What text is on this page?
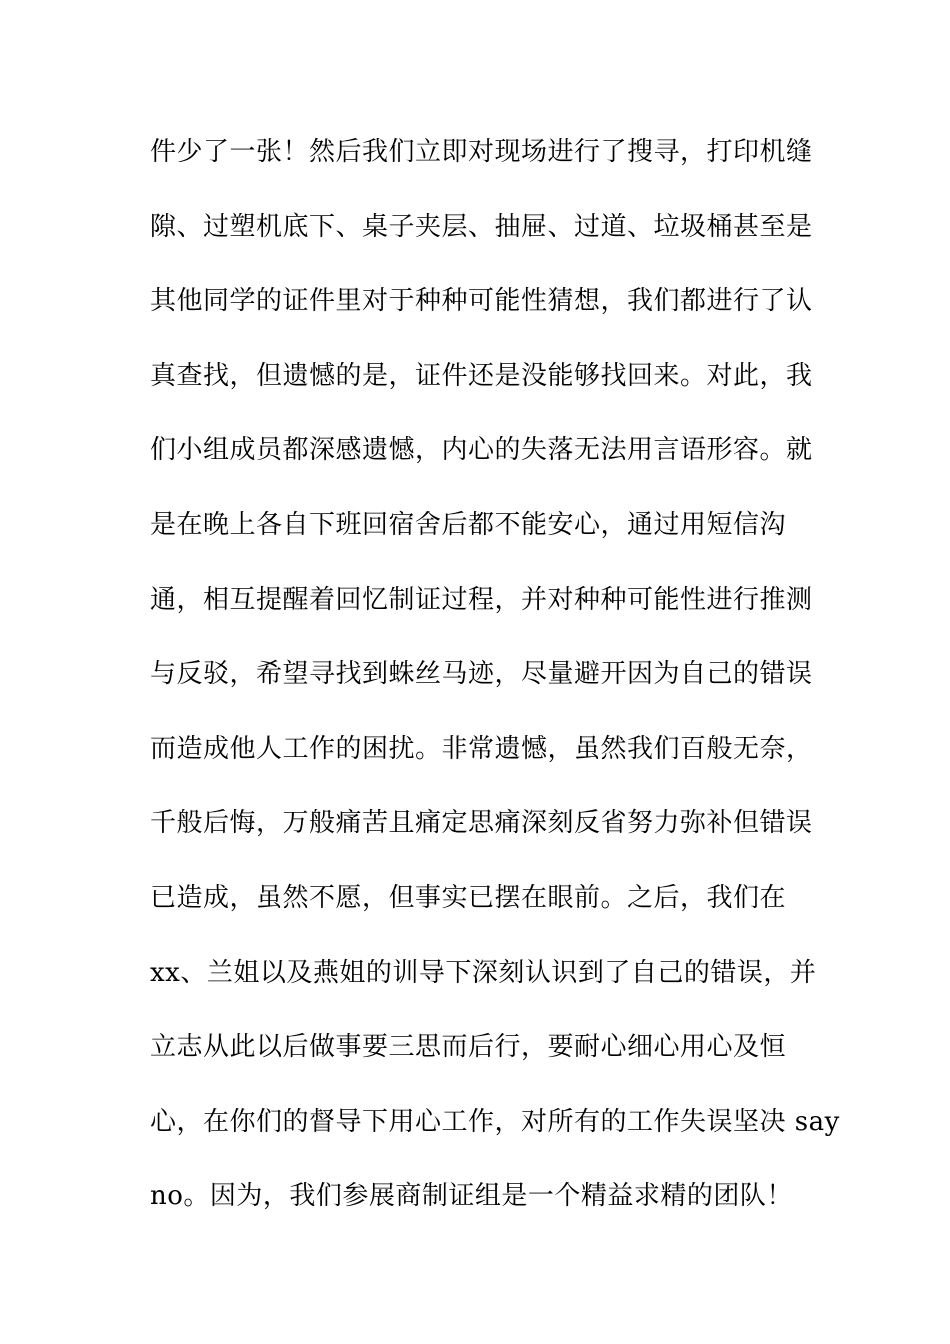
件少了一张！然后我们立即对现场进行了搜寻，打印机缝
隙、过塑机底下、桌子夹层、抽屉、过道、垃圾桶甚至是
其他同学的证件里对于种种可能性猜想，我们都进行了认
真查找，但遗憾的是，证件还是没能够找回来。对此，我
们小组成员都深感遗憾，内心的失落无法用言语形容。就
是在晚上各自下班回宿舍后都不能安心，通过用短信沟
通，相互提醒着回忆制证过程，并对种种可能性进行推测
与反驳，希望寻找到蛛丝马迹，尽量避开因为自己的错误
而造成他人工作的困扰。非常遗憾，虽然我们百般无奈，
千般后悔，万般痛苦且痛定思痛深刻反省努力弥补但错误
已造成，虽然不愿，但事实已摆在眼前。之后，我们在
xx、兰姐以及燕姐的训导下深刻认识到了自己的错误，并
立志从此以后做事要三思而后行，要耐心细心用心及恒
心，在你们的督导下用心工作，对所有的工作失误坚决 say
no。因为，我们参展商制证组是一个精益求精的团队！
